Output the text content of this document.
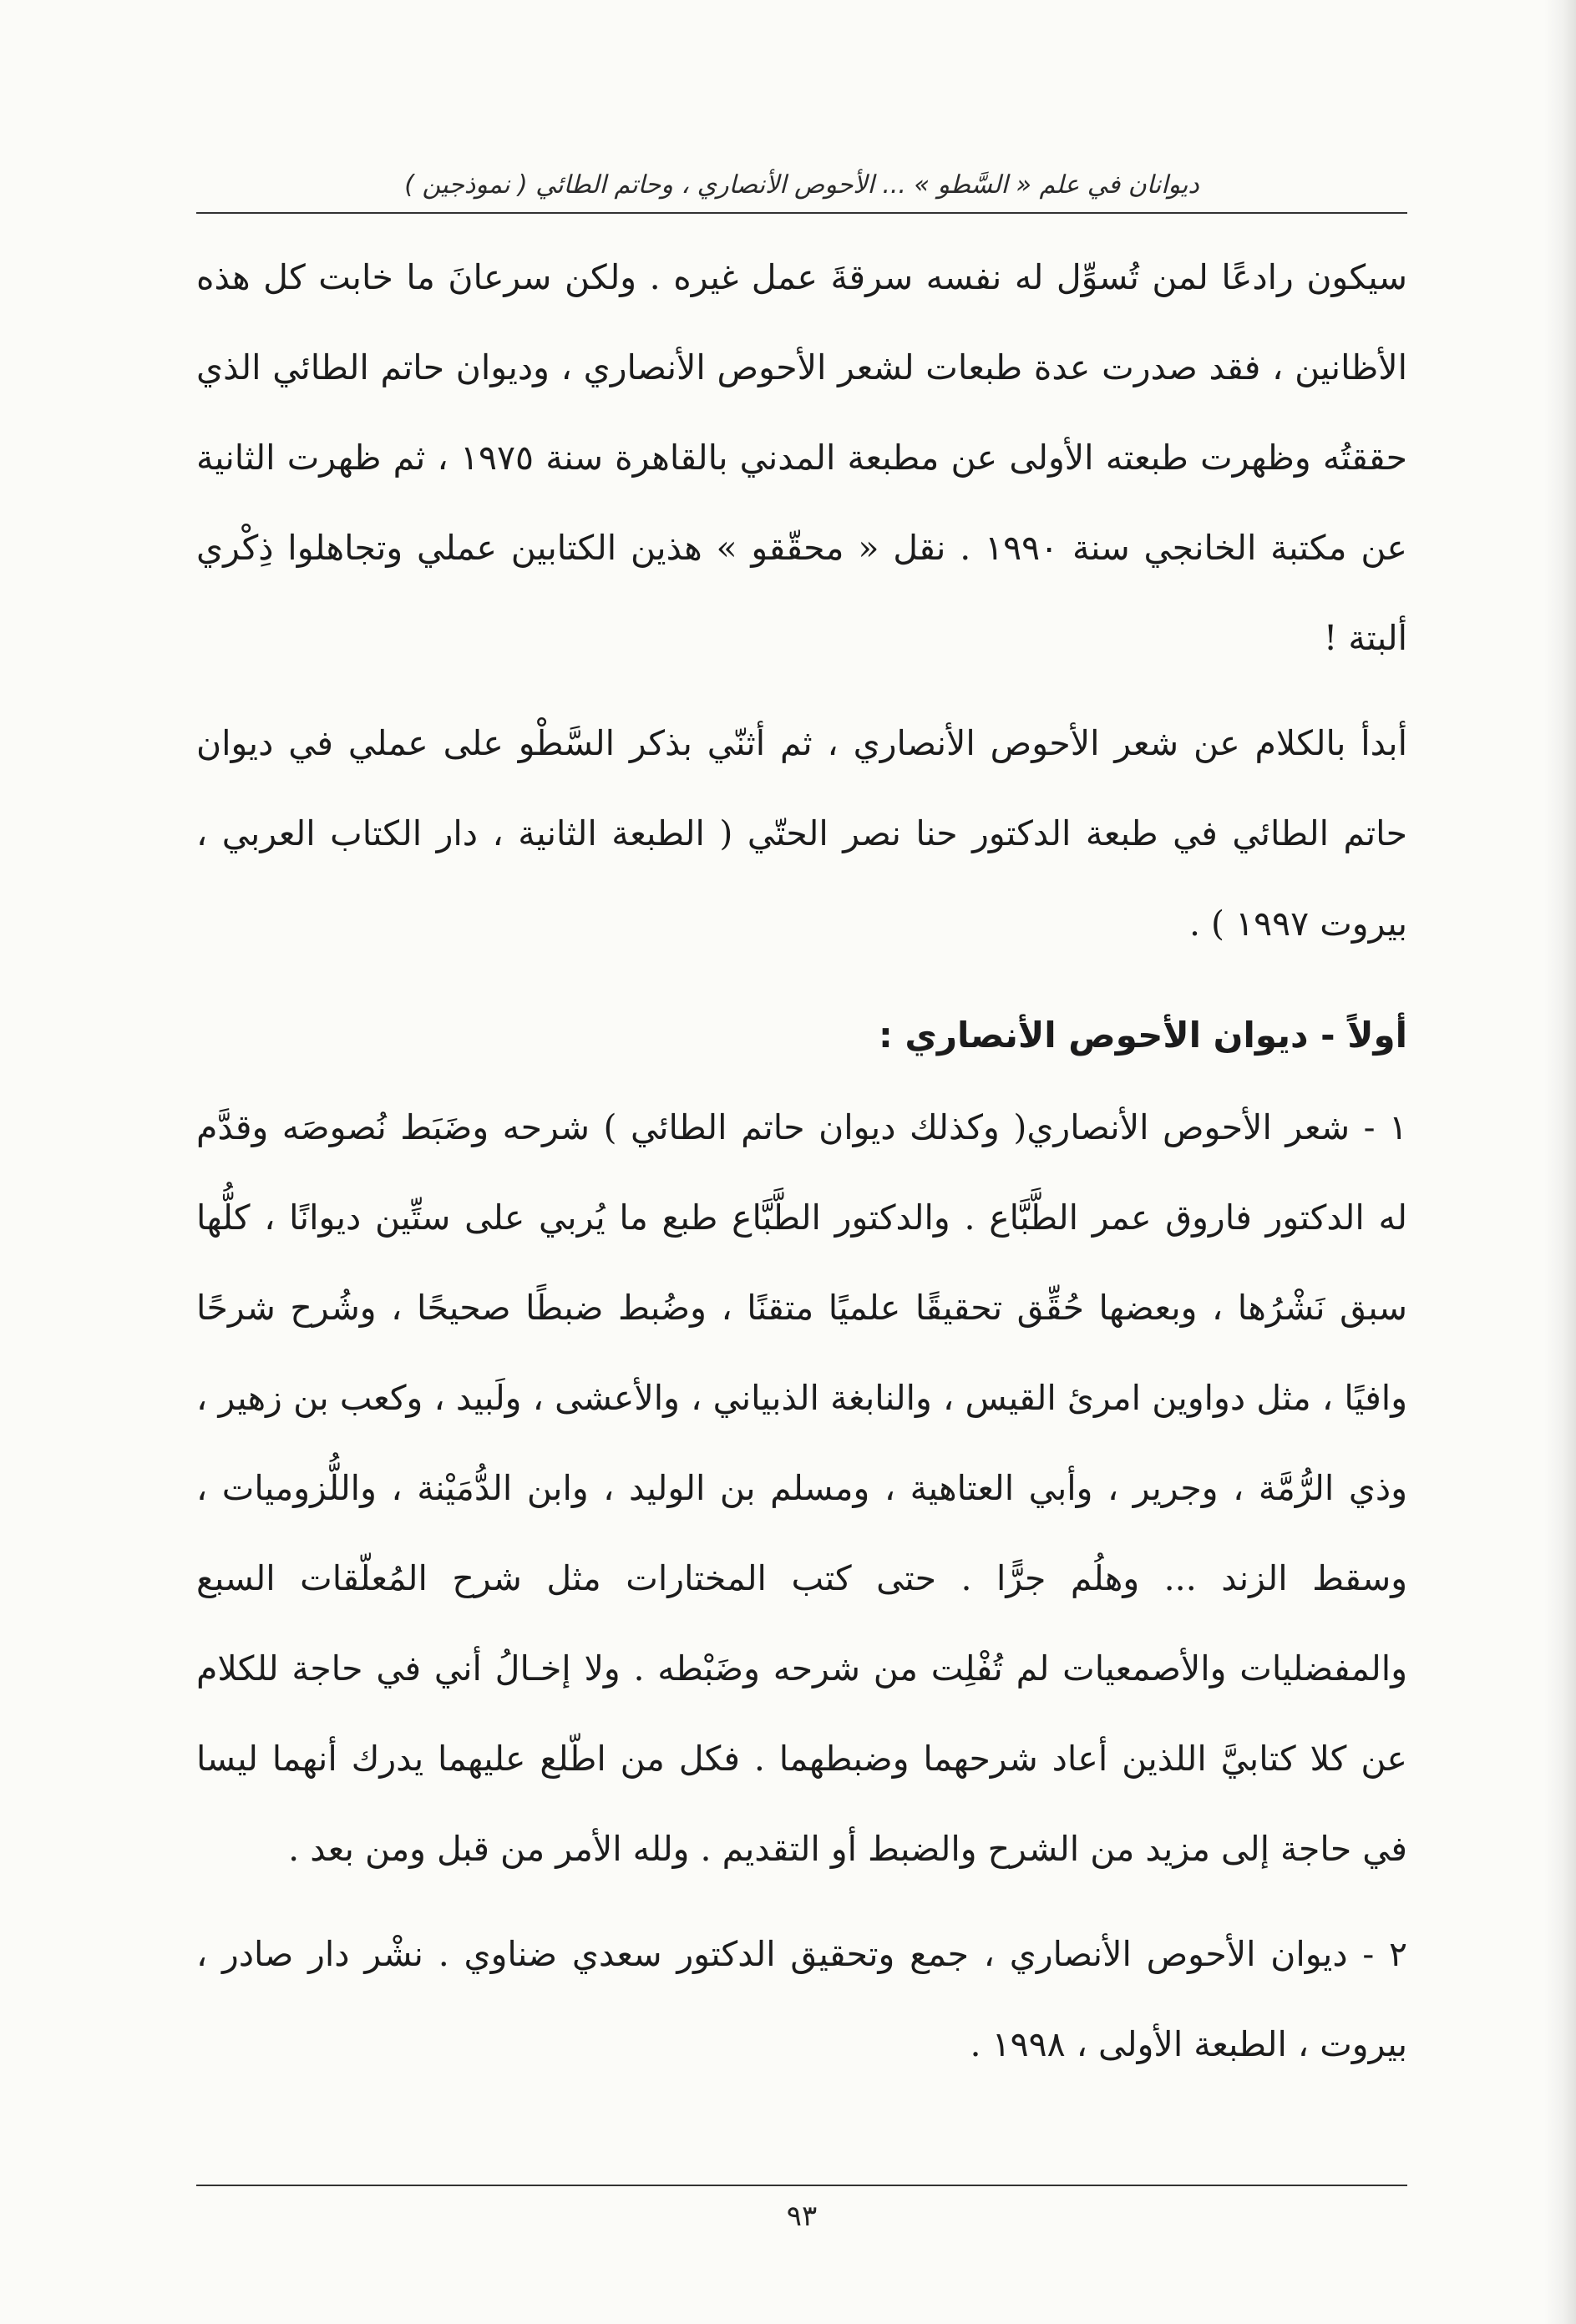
ديوانان في علم « السَّطو » ... الأحوص الأنصاري ، وحاتم الطائي ( نموذجين )

سيكون رادعًا لمن تُسوِّل له نفسه سرقةَ عمل غيره . ولكن سرعانَ ما خابت كل هذه الأظانين ، فقد صدرت عدة طبعات لشعر الأحوص الأنصاري ، وديوان حاتم الطائي الذي حققتُه وظهرت طبعته الأولى عن مطبعة المدني بالقاهرة سنة ١٩٧٥ ، ثم ظهرت الثانية عن مكتبة الخانجي سنة ١٩٩٠ . نقل « محقّقو » هذين الكتابين عملي وتجاهلوا ذِكْري ألبتة !

أبدأ بالكلام عن شعر الأحوص الأنصاري ، ثم أثنّي بذكر السَّطْو على عملي في ديوان حاتم الطائي في طبعة الدكتور حنا نصر الحتّي ( الطبعة الثانية ، دار الكتاب العربي ، بيروت ١٩٩٧ ) .

أولاً - ديوان الأحوص الأنصاري :

١ - شعر الأحوص الأنصاري( وكذلك ديوان حاتم الطائي ) شرحه وضَبَط نُصوصَه وقدَّم له الدكتور فاروق عمر الطَّبَّاع . والدكتور الطَّبَّاع طبع ما يُربي على ستِّين ديوانًا ، كلُّها سبق نَشْرُها ، وبعضها حُقِّق تحقيقًا علميًا متقنًا ، وضُبط ضبطًا صحيحًا ، وشُرح شرحًا وافيًا ، مثل دواوين امرئ القيس ، والنابغة الذبياني ، والأعشى ، ولَبيد ، وكعب بن زهير ، وذي الرُّمَّة ، وجرير ، وأبي العتاهية ، ومسلم بن الوليد ، وابن الدُّمَيْنة ، واللُّزوميات ، وسقط الزند ... وهلُم جرًّا . حتى كتب المختارات مثل شرح المُعلّقات السبع والمفضليات والأصمعيات لم تُفْلِت من شرحه وضَبْطه . ولا إخـالُ أني في حاجة للكلام عن كلا كتابيَّ اللذين أعاد شرحهما وضبطهما . فكل من اطّلع عليهما يدرك أنهما ليسا في حاجة إلى مزيد من الشرح والضبط أو التقديم . ولله الأمر من قبل ومن بعد .

٢ - ديوان الأحوص الأنصاري ، جمع وتحقيق الدكتور سعدي ضناوي . نشْر دار صادر ، بيروت ، الطبعة الأولى ، ١٩٩٨ .

٩٣
